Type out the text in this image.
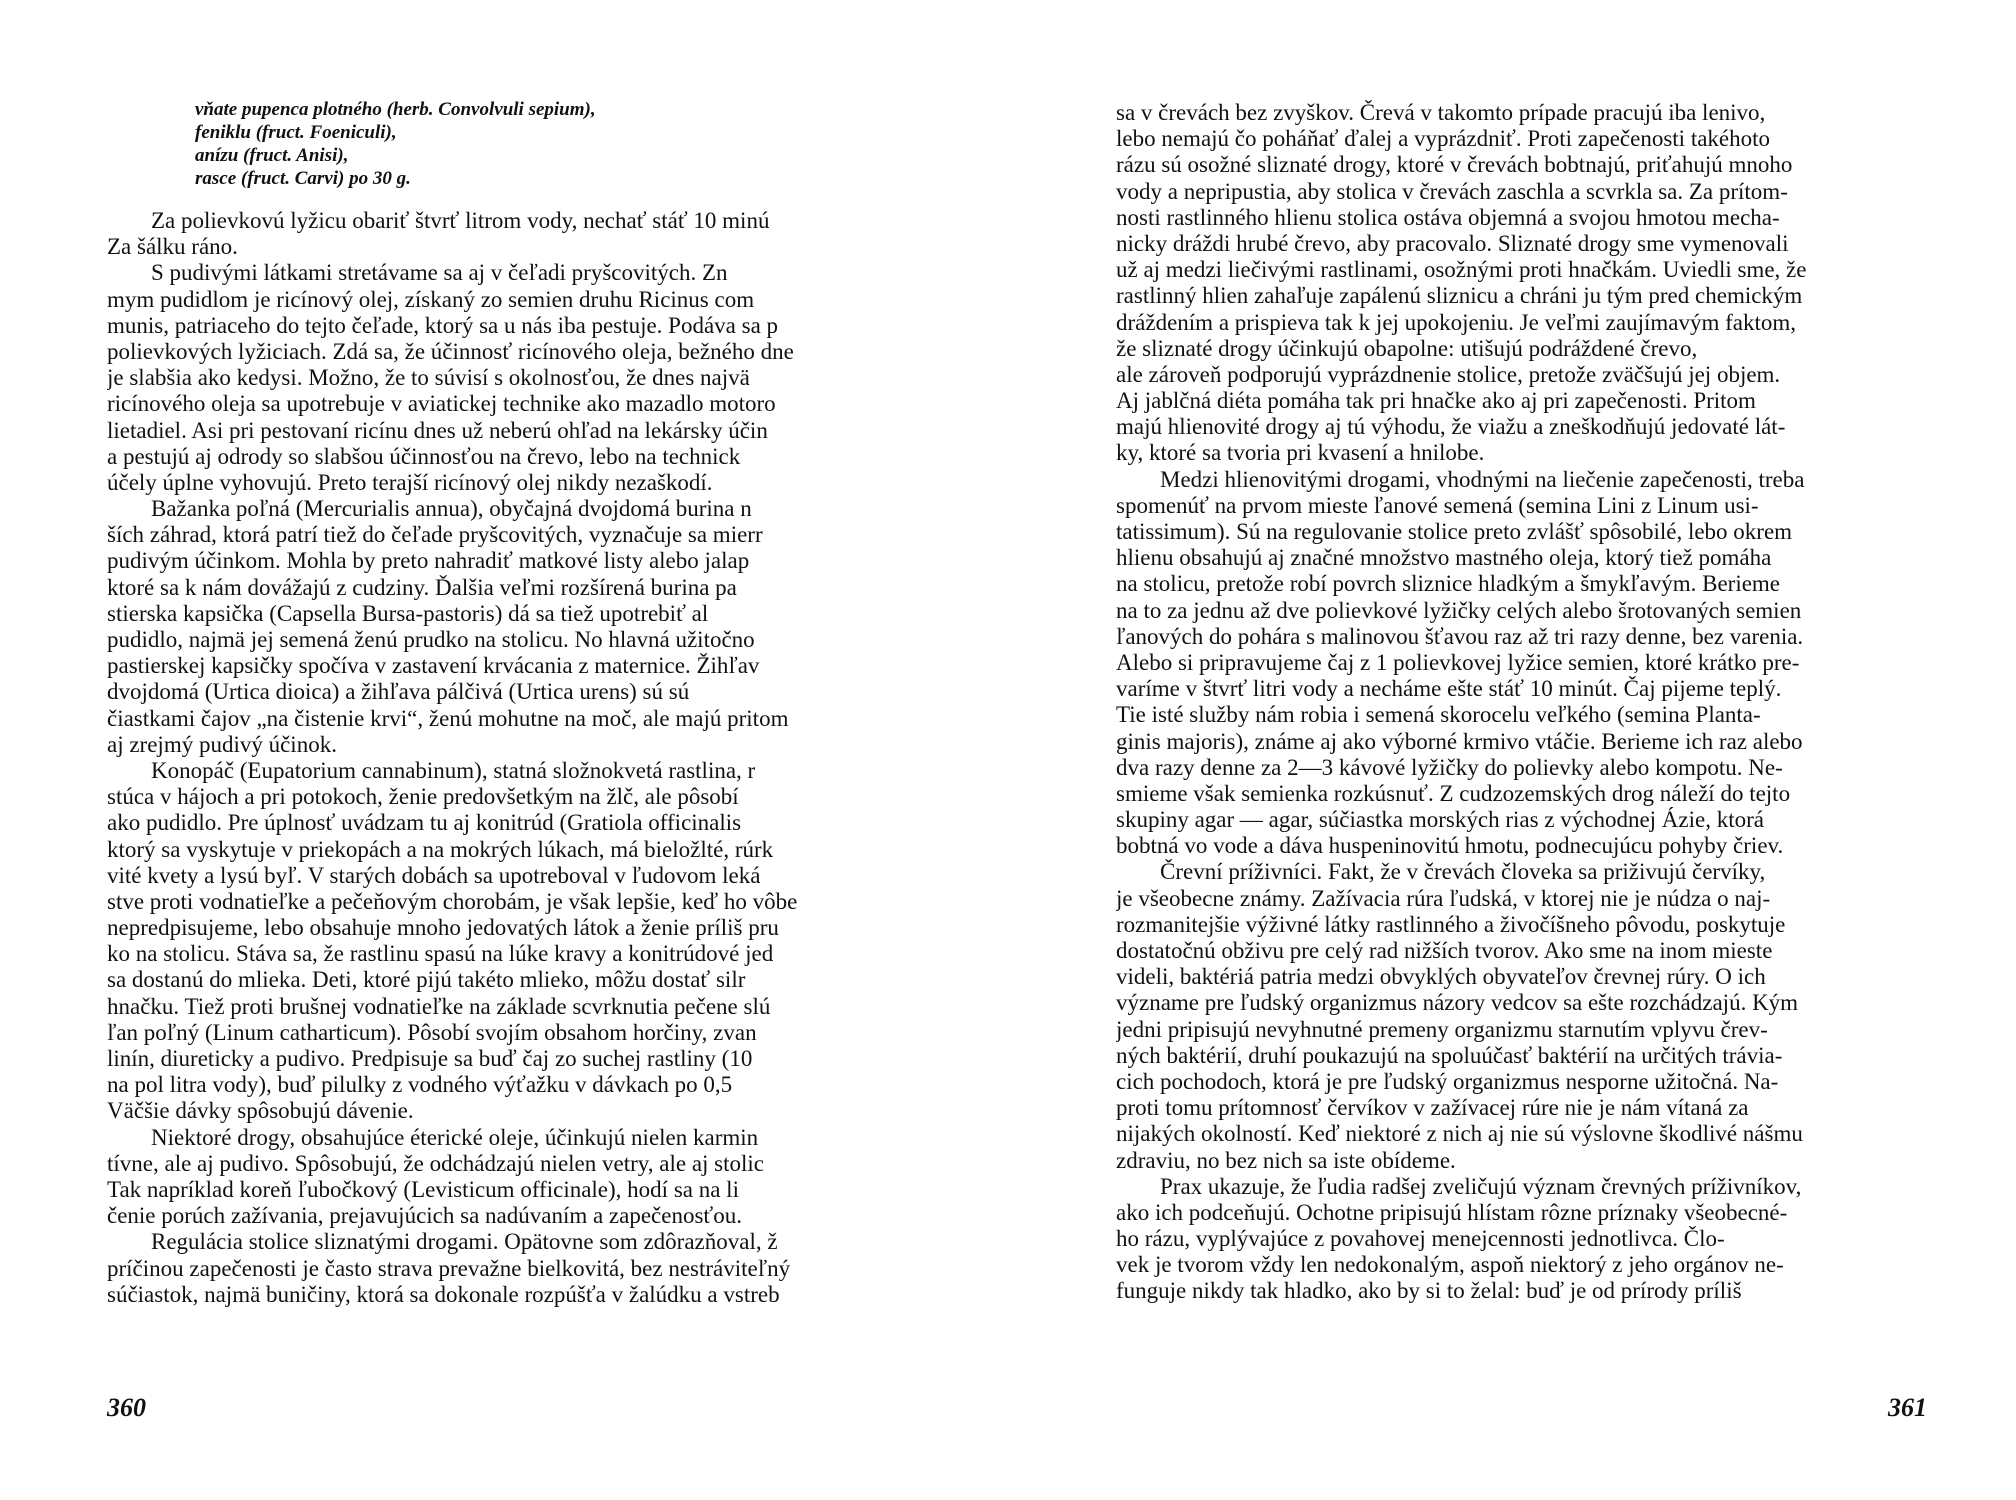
vňate pupenca plotného (herb. Convolvuli sepium),
feniklu (fruct. Foeniculi),
anízu (fruct. Anisi),
rasce (fruct. Carvi) po 30 g.
Za polievkovú lyžicu obariť štvrť litrom vody, nechať stáť 10 minú
Za šálku ráno.
S pudivými látkami stretávame sa aj v čeľadi pryšcovitých. Zn
mym pudidlom je ricínový olej, získaný zo semien druhu Ricinus com
munis, patriaceho do tejto čeľade, ktorý sa u nás iba pestuje. Podáva sa p
polievkových lyžiciach. Zdá sa, že účinnosť ricínového oleja, bežného dne
je slabšia ako kedysi. Možno, že to súvisí s okolnosťou, že dnes najvä
ricínového oleja sa upotrebuje v aviatickej technike ako mazadlo motoro
lietadiel. Asi pri pestovaní ricínu dnes už neberú ohľad na lekársky účin
a pestujú aj odrody so slabšou účinnosťou na črevo, lebo na technick
účely úplne vyhovujú. Preto terajší ricínový olej nikdy nezaškodí.
Bažanka poľná (Mercurialis annua), obyčajná dvojdomá burina n
ších záhrad, ktorá patrí tiež do čeľade pryšcovitých, vyznačuje sa mierr
pudivým účinkom. Mohla by preto nahradiť matkové listy alebo jalap
ktoré sa k nám dovážajú z cudziny. Ďalšia veľmi rozšírená burina pa
stierska kapsička (Capsella Bursa-pastoris) dá sa tiež upotrebiť al
pudidlo, najmä jej semená ženú prudko na stolicu. No hlavná užitočno
pastierskej kapsičky spočíva v zastavení krvácania z maternice. Žihľav
dvojdomá (Urtica dioica) a žihľava pálčivá (Urtica urens) sú sú
čiastkami čajov „na čistenie krvi“, ženú mohutne na moč, ale majú pritom
aj zrejmý pudivý účinok.
Konopáč (Eupatorium cannabinum), statná složnokvetá rastlina, r
stúca v hájoch a pri potokoch, ženie predovšetkým na žlč, ale pôsobí
ako pudidlo. Pre úplnosť uvádzam tu aj konitrúd (Gratiola officinalis
ktorý sa vyskytuje v priekopách a na mokrých lúkach, má bieložlté, rúrk
vité kvety a lysú byľ. V starých dobách sa upotreboval v ľudovom leká
stve proti vodnatieľke a pečeňovým chorobám, je však lepšie, keď ho vôbe
nepredpisujeme, lebo obsahuje mnoho jedovatých látok a ženie príliš pru
ko na stolicu. Stáva sa, že rastlinu spasú na lúke kravy a konitrúdové jed
sa dostanú do mlieka. Deti, ktoré pijú takéto mlieko, môžu dostať silr
hnačku. Tiež proti brušnej vodnatieľke na základe scvrknutia pečene slú
ľan poľný (Linum catharticum). Pôsobí svojím obsahom horčiny, zvan
linín, diureticky a pudivo. Predpisuje sa buď čaj zo suchej rastliny (10
na pol litra vody), buď pilulky z vodného výťažku v dávkach po 0,5
Väčšie dávky spôsobujú dávenie.
Niektoré drogy, obsahujúce éterické oleje, účinkujú nielen karmin
tívne, ale aj pudivo. Spôsobujú, že odchádzajú nielen vetry, ale aj stolic
Tak napríklad koreň ľubočkový (Levisticum officinale), hodí sa na li
čenie porúch zažívania, prejavujúcich sa nadúvaním a zapečenosťou.
Regulácia stolice sliznatými drogami. Opätovne som zdôrazňoval, ž
príčinou zapečenosti je často strava prevažne bielkovitá, bez nestráviteľný
súčiastok, najmä buničiny, ktorá sa dokonale rozpúšťa v žalúdku a vstreb
360
sa v črevách bez zvyškov. Črevá v takomto prípade pracujú iba lenivo,
lebo nemajú čo poháňať ďalej a vyprázdniť. Proti zapečenosti takéhoto
rázu sú osožné sliznaté drogy, ktoré v črevách bobtnajú, priťahujú mnoho
vody a nepripustia, aby stolica v črevách zaschla a scvrkla sa. Za prítom-
nosti rastlinného hlienu stolica ostáva objemná a svojou hmotou mecha-
nicky dráždi hrubé črevo, aby pracovalo. Sliznaté drogy sme vymenovali
už aj medzi liečivými rastlinami, osožnými proti hnačkám. Uviedli sme, že
rastlinný hlien zahaľuje zapálenú sliznicu a chráni ju tým pred chemickým
dráždením a prispieva tak k jej upokojeniu. Je veľmi zaujímavým faktom,
že sliznaté drogy účinkujú obapolne: utišujú podráždené črevo,
ale zároveň podporujú vyprázdnenie stolice, pretože zväčšujú jej objem.
Aj jablčná diéta pomáha tak pri hnačke ako aj pri zapečenosti. Pritom
majú hlienovité drogy aj tú výhodu, že viažu a zneškodňujú jedovaté lát-
ky, ktoré sa tvoria pri kvasení a hnilobe.
Medzi hlienovitými drogami, vhodnými na liečenie zapečenosti, treba
spomenúť na prvom mieste ľanové semená (semina Lini z Linum usi-
tatissimum). Sú na regulovanie stolice preto zvlášť spôsobilé, lebo okrem
hlienu obsahujú aj značné množstvo mastného oleja, ktorý tiež pomáha
na stolicu, pretože robí povrch sliznice hladkým a šmykľavým. Berieme
na to za jednu až dve polievkové lyžičky celých alebo šrotovaných semien
ľanových do pohára s malinovou šťavou raz až tri razy denne, bez varenia.
Alebo si pripravujeme čaj z 1 polievkovej lyžice semien, ktoré krátko pre-
varíme v štvrť litri vody a necháme ešte stáť 10 minút. Čaj pijeme teplý.
Tie isté služby nám robia i semená skorocelu veľkého (semina Planta-
ginis majoris), známe aj ako výborné krmivo vtáčie. Berieme ich raz alebo
dva razy denne za 2—3 kávové lyžičky do polievky alebo kompotu. Ne-
smieme však semienka rozkúsnuť. Z cudzozemských drog náleží do tejto
skupiny agar — agar, súčiastka morských rias z východnej Ázie, ktorá
bobtná vo vode a dáva huspeninovitú hmotu, podnecujúcu pohyby čriev.
Črevní príživníci. Fakt, že v črevách človeka sa priživujú červíky,
je všeobecne známy. Zažívacia rúra ľudská, v ktorej nie je núdza o naj-
rozmanitejšie výživné látky rastlinného a živočíšneho pôvodu, poskytuje
dostatočnú obživu pre celý rad nižších tvorov. Ako sme na inom mieste
videli, baktériá patria medzi obvyklých obyvateľov črevnej rúry. O ich
význame pre ľudský organizmus názory vedcov sa ešte rozchádzajú. Kým
jedni pripisujú nevyhnutné premeny organizmu starnutím vplyvu črev-
ných baktérií, druhí poukazujú na spoluúčasť baktérií na určitých trávia-
cich pochodoch, ktorá je pre ľudský organizmus nesporne užitočná. Na-
proti tomu prítomnosť červíkov v zažívacej rúre nie je nám vítaná za
nijakých okolností. Keď niektoré z nich aj nie sú výslovne škodlivé nášmu
zdraviu, no bez nich sa iste obídeme.
Prax ukazuje, že ľudia radšej zveličujú význam črevných príživníkov,
ako ich podceňujú. Ochotne pripisujú hlístam rôzne príznaky všeobecné-
ho rázu, vyplývajúce z povahovej menejcennosti jednotlivca. Člo-
vek je tvorom vždy len nedokonalým, aspoň niektorý z jeho orgánov ne-
funguje nikdy tak hladko, ako by si to želal: buď je od prírody príliš
361
